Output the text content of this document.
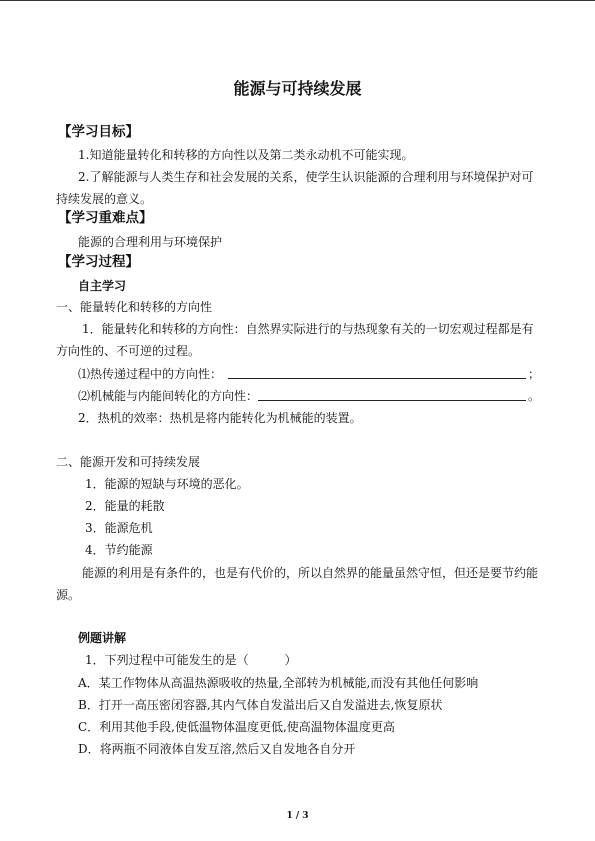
能源与可持续发展
【学习目标】
1.知道能量转化和转移的方向性以及第二类永动机不可能实现。
2.了解能源与人类生存和社会发展的关系，使学生认识能源的合理利用与环境保护对可
持续发展的意义。
【学习重难点】
能源的合理利用与环境保护
【学习过程】
自主学习
一、能量转化和转移的方向性
1．能量转化和转移的方向性：自然界实际进行的与热现象有关的一切宏观过程都是有
方向性的、不可逆的过程。
⑴热传递过程中的方向性：	；
⑵机械能与内能间转化的方向性：	。
2．热机的效率：热机是将内能转化为机械能的装置。
二、能源开发和可持续发展
1．能源的短缺与环境的恶化。
2．能量的耗散
3．能源危机
4．节约能源
能源的利用是有条件的，也是有代价的，所以自然界的能量虽然守恒，但还是要节约能
源。
例题讲解
1．下列过程中可能发生的是（　　　）
A．某工作物体从高温热源吸收的热量,全部转为机械能,而没有其他任何影响
B．打开一高压密闭容器,其内气体自发溢出后又自发溢进去,恢复原状
C．利用其他手段,使低温物体温度更低,使高温物体温度更高
D．将两瓶不同液体自发互溶,然后又自发地各自分开
1 / 3
